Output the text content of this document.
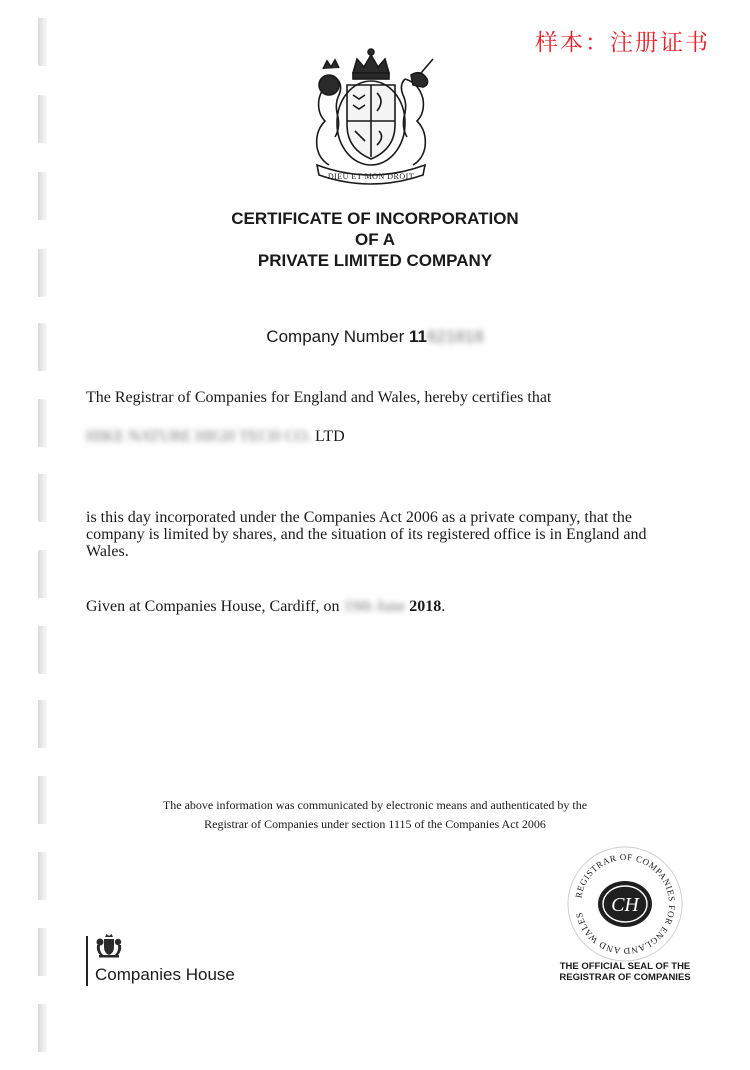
样本：注册证书
DIEU ET MON DROIT
CERTIFICATE OF INCORPORATION
OF A
PRIVATE LIMITED COMPANY
Company Number 11621818
The Registrar of Companies for England and Wales, hereby certifies that
HIKE NATURE HIGH TECH CO. LTD
is this day incorporated under the Companies Act 2006 as a private company, that the company is limited by shares, and the situation of its registered office is in England and Wales.
Given at Companies House, Cardiff, on 19th June 2018.
The above information was communicated by electronic means and authenticated by the
Registrar of Companies under section 1115 of the Companies Act 2006
REGISTRAR OF COMPANIES FOR ENGLAND AND WALES	CH
THE OFFICIAL SEAL OF THE
REGISTRAR OF COMPANIES
Companies House
